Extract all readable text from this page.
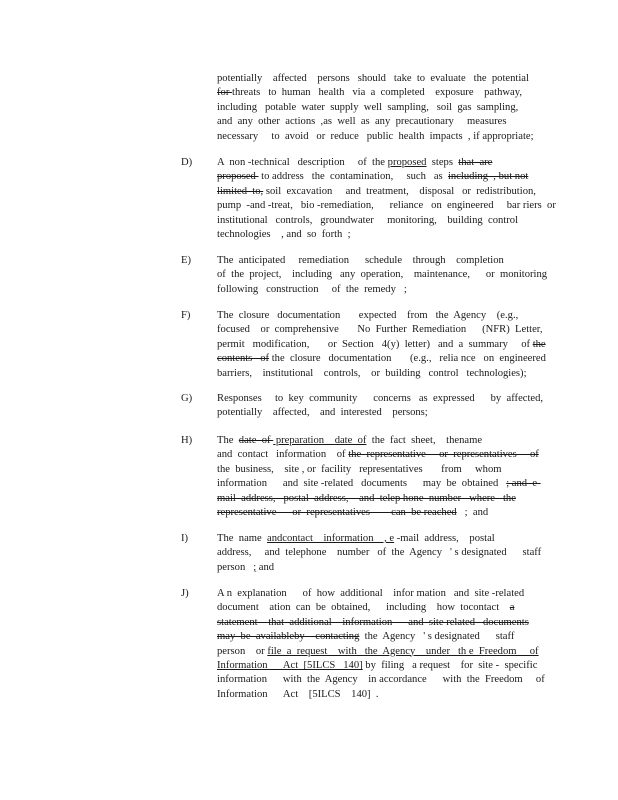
potentially    affected    persons   should   take  to  evaluate   the  potential
for threats   to  human   health   via  a  completed    exposure    pathway,
including   potable  water  supply  well  sampling,   soil  gas  sampling,
and  any  other  actions  ,as  well  as  any  precautionary     measures
necessary     to  avoid   or  reduce   public  health  impacts  , if appropriate;
D) A  non -technical   description     of  the proposed  steps  that  are
proposed  to address   the  contamination,     such   as  including  , but not
limited  to, soil  excavation     and  treatment,    disposal   or  redistribution,
pump  -and -treat,   bio -remediation,      reliance   on  engineered     bar riers  or
institutional   controls,   groundwater     monitoring,    building  control
technologies    , and  so  forth  ;
E) The  anticipated     remediation      schedule    through    completion
of  the  project,    including   any  operation,    maintenance,      or  monitoring
following   construction     of  the  remedy   ;
F)	The  closure   documentation       expected    from   the  Agency    (e.g.,
focused    or  comprehensive       No  Further  Remediation      (NFR)  Letter,
permit   modification,       or  Section   4(y)  letter)   and  a  summary     of the
contents   of the  closure   documentation       (e.g.,   relia nce   on  engineered
barriers,    institutional    controls,    or  building   control   technologies);
G) Responses     to  key  community      concerns   as  expressed      by  affected,
potentially    affected,    and  interested    persons;
H) The  date  of  preparation    date  of  the  fact  sheet,    thename
and  contact   information    of the  representative     or  representatives     of
the  business,    site , or  facility   representatives       from     whom
information      and  site -related   documents      may  be  obtained   ; and  e-
mail  address,   postal  address,    and  telep hone  number   where   the
representative      or  representatives        can  be reached   ;  and
I)	The  name  andcontact    information    , e -mail  address,    postal
address,     and  telephone    number   of  the  Agency   ' s designated      staff
person   ; and
J)	A n  explanation      of  how  additional    infor mation   and  site -related
document    ation  can  be  obtained,      including    how  tocontact    a
statement    that  additional    information      and  site related   documents
may  be  availableby    contacting  the  Agency   ' s designated      staff
person    or file  a  request    with   the  Agency    under   th e  Freedom     of
Information      Act  [5ILCS   140] by  filing   a request    for  site -  specific
information      with  the  Agency    in accordance      with  the  Freedom     of
Information      Act    [5ILCS    140]  .
